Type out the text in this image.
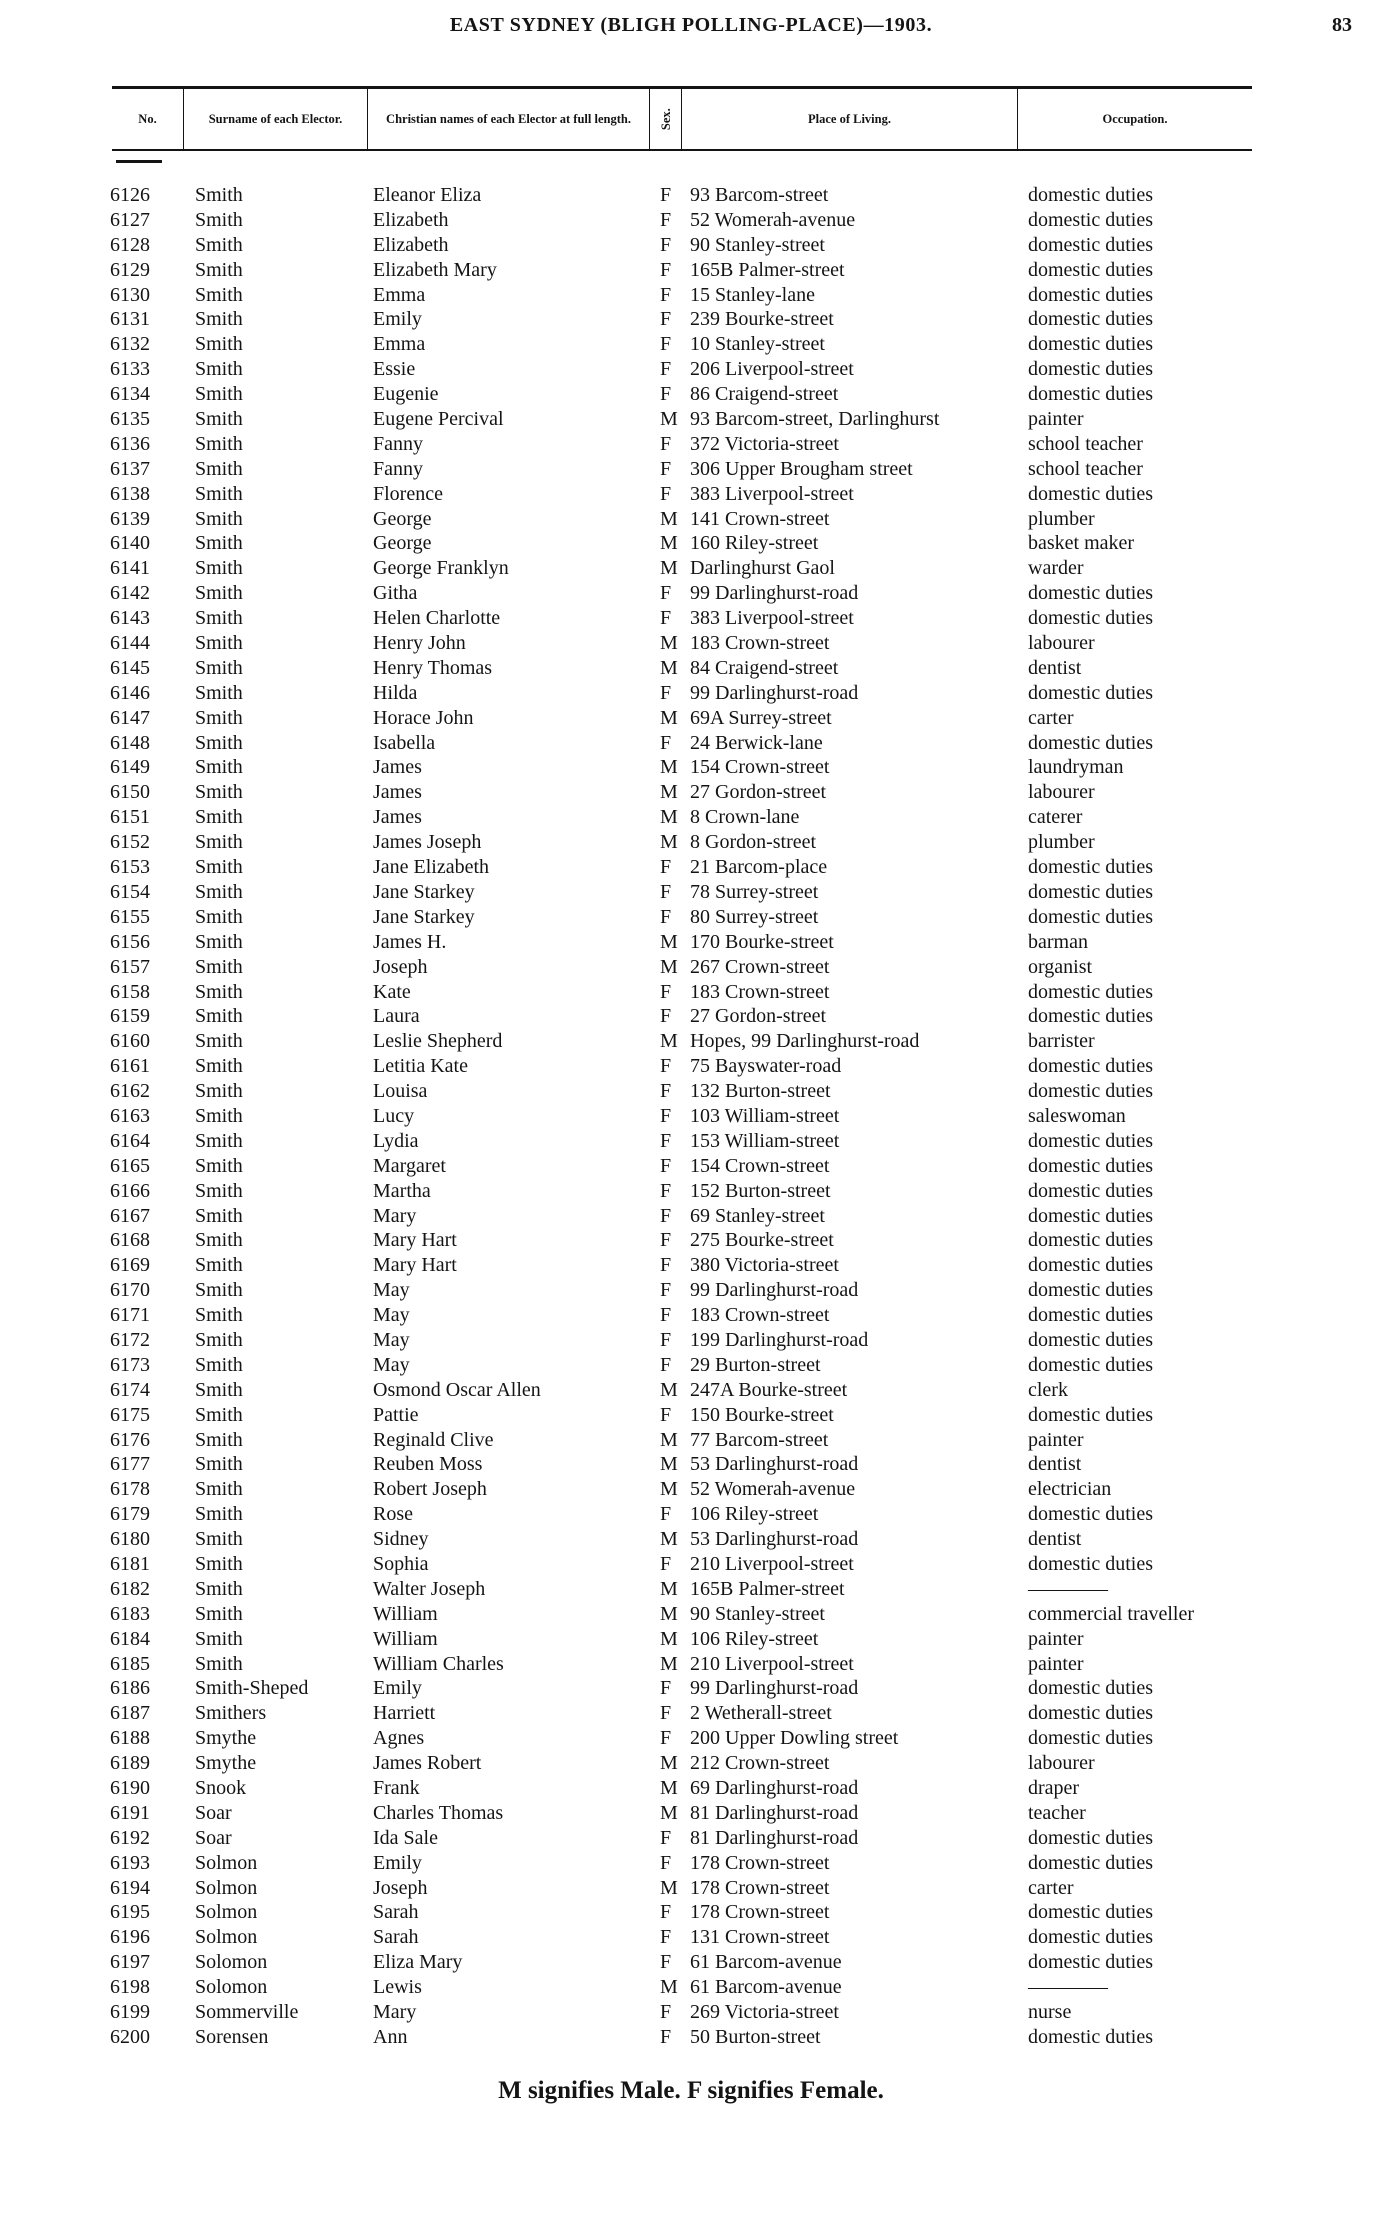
EAST SYDNEY (BLIGH POLLING-PLACE)—1903.	83
No.	Surname of each Elector.	Christian names of each Elector at full length.	Sex.	Place of Living.	Occupation.
6126	Smith	Eleanor Eliza	F 93 Barcom-street	domestic duties
6127	Smith	Elizabeth	F 52 Womerah-avenue	domestic duties
6128	Smith	Elizabeth	F 90 Stanley-street	domestic duties
6129	Smith	Elizabeth Mary	F 165B Palmer-street	domestic duties
6130	Smith	Emma	F 15 Stanley-lane	domestic duties
6131	Smith	Emily	F 239 Bourke-street	domestic duties
6132	Smith	Emma	F 10 Stanley-street	domestic duties
6133	Smith	Essie	F 206 Liverpool-street	domestic duties
6134	Smith	Eugenie	F 86 Craigend-street	domestic duties
6135	Smith	Eugene Percival	M 93 Barcom-street, Darlinghurst	painter
6136	Smith	Fanny	F 372 Victoria-street	school teacher
6137	Smith	Fanny	F 306 Upper Brougham street	school teacher
6138	Smith	Florence	F 383 Liverpool-street	domestic duties
6139	Smith	George	M 141 Crown-street	plumber
6140	Smith	George	M 160 Riley-street	basket maker
6141	Smith	George Franklyn	M Darlinghurst Gaol	warder
6142	Smith	Githa	F 99 Darlinghurst-road	domestic duties
6143	Smith	Helen Charlotte	F 383 Liverpool-street	domestic duties
6144	Smith	Henry John	M 183 Crown-street	labourer
6145	Smith	Henry Thomas	M 84 Craigend-street	dentist
6146	Smith	Hilda	F 99 Darlinghurst-road	domestic duties
6147	Smith	Horace John	M 69A Surrey-street	carter
6148	Smith	Isabella	F 24 Berwick-lane	domestic duties
6149	Smith	James	M 154 Crown-street	laundryman
6150	Smith	James	M 27 Gordon-street	labourer
6151	Smith	James	M 8 Crown-lane	caterer
6152	Smith	James Joseph	M 8 Gordon-street	plumber
6153	Smith	Jane Elizabeth	F 21 Barcom-place	domestic duties
6154	Smith	Jane Starkey	F 78 Surrey-street	domestic duties
6155	Smith	Jane Starkey	F 80 Surrey-street	domestic duties
6156	Smith	James H.	M 170 Bourke-street	barman
6157	Smith	Joseph	M 267 Crown-street	organist
6158	Smith	Kate	F 183 Crown-street	domestic duties
6159	Smith	Laura	F 27 Gordon-street	domestic duties
6160	Smith	Leslie Shepherd	M Hopes, 99 Darlinghurst-road	barrister
6161	Smith	Letitia Kate	F 75 Bayswater-road	domestic duties
6162	Smith	Louisa	F 132 Burton-street	domestic duties
6163	Smith	Lucy	F 103 William-street	saleswoman
6164	Smith	Lydia	F 153 William-street	domestic duties
6165	Smith	Margaret	F 154 Crown-street	domestic duties
6166	Smith	Martha	F 152 Burton-street	domestic duties
6167	Smith	Mary	F 69 Stanley-street	domestic duties
6168	Smith	Mary Hart	F 275 Bourke-street	domestic duties
6169	Smith	Mary Hart	F 380 Victoria-street	domestic duties
6170	Smith	May	F 99 Darlinghurst-road	domestic duties
6171	Smith	May	F 183 Crown-street	domestic duties
6172	Smith	May	F 199 Darlinghurst-road	domestic duties
6173	Smith	May	F 29 Burton-street	domestic duties
6174	Smith	Osmond Oscar Allen	M 247A Bourke-street	clerk
6175	Smith	Pattie	F 150 Bourke-street	domestic duties
6176	Smith	Reginald Clive	M 77 Barcom-street	painter
6177	Smith	Reuben Moss	M 53 Darlinghurst-road	dentist
6178	Smith	Robert Joseph	M 52 Womerah-avenue	electrician
6179	Smith	Rose	F 106 Riley-street	domestic duties
6180	Smith	Sidney	M 53 Darlinghurst-road	dentist
6181	Smith	Sophia	F 210 Liverpool-street	domestic duties
6182	Smith	Walter Joseph	M 165B Palmer-street	————
6183	Smith	William	M 90 Stanley-street	commercial traveller
6184	Smith	William	M 106 Riley-street	painter
6185	Smith	William Charles	M 210 Liverpool-street	painter
6186	Smith-Sheped	Emily	F 99 Darlinghurst-road	domestic duties
6187	Smithers	Harriett	F 2 Wetherall-street	domestic duties
6188	Smythe	Agnes	F 200 Upper Dowling street	domestic duties
6189	Smythe	James Robert	M 212 Crown-street	labourer
6190	Snook	Frank	M 69 Darlinghurst-road	draper
6191	Soar	Charles Thomas	M 81 Darlinghurst-road	teacher
6192	Soar	Ida Sale	F 81 Darlinghurst-road	domestic duties
6193	Solmon	Emily	F 178 Crown-street	domestic duties
6194	Solmon	Joseph	M 178 Crown-street	carter
6195	Solmon	Sarah	F 178 Crown-street	domestic duties
6196	Solmon	Sarah	F 131 Crown-street	domestic duties
6197	Solomon	Eliza Mary	F 61 Barcom-avenue	domestic duties
6198	Solomon	Lewis	M 61 Barcom-avenue	————
6199	Sommerville	Mary	F 269 Victoria-street	nurse
6200	Sorensen	Ann	F 50 Burton-street	domestic duties
M signifies Male. F signifies Female.
